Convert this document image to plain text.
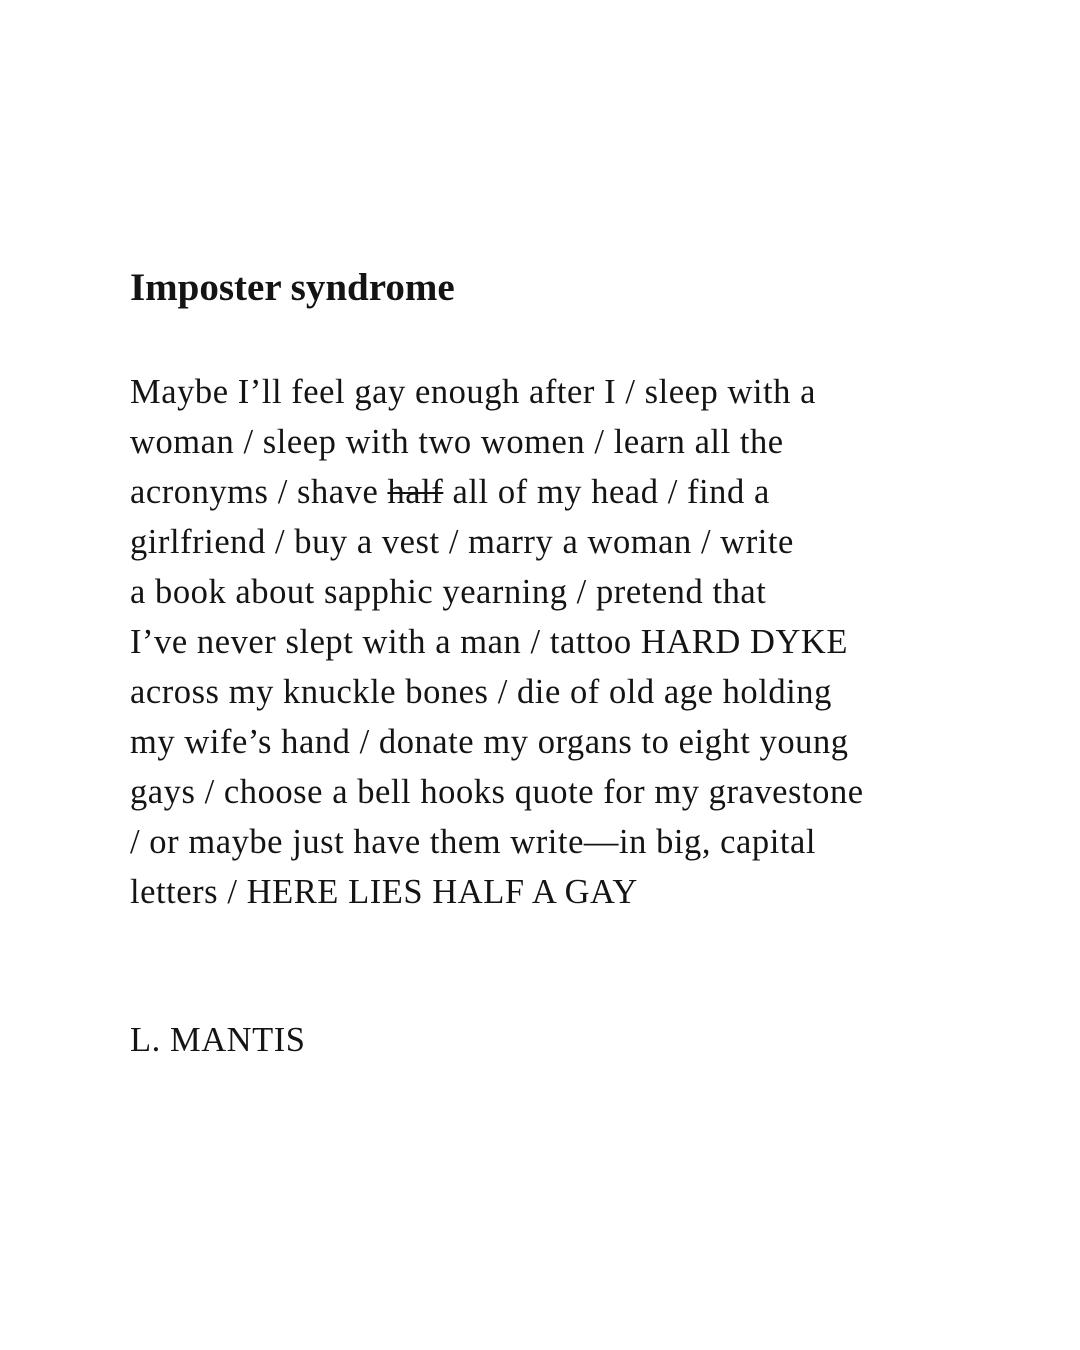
Imposter syndrome
Maybe I’ll feel gay enough after I / sleep with a
woman / sleep with two women / learn all the
acronyms / shave half all of my head / find a
girlfriend / buy a vest / marry a woman / write
a book about sapphic yearning / pretend that
I’ve never slept with a man / tattoo HARD DYKE
across my knuckle bones / die of old age holding
my wife’s hand / donate my organs to eight young
gays / choose a bell hooks quote for my gravestone
/ or maybe just have them write—in big, capital
letters / HERE LIES HALF A GAY

L. MANTIS
